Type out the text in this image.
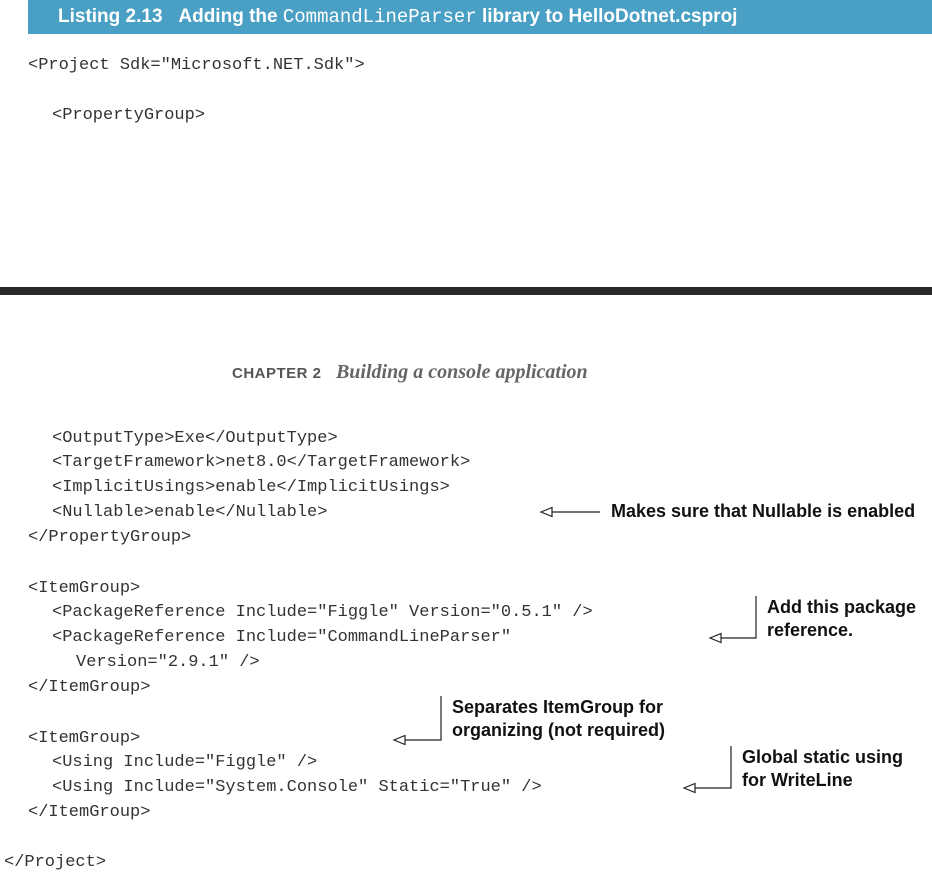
Listing 2.13 Adding the CommandLineParser library to HelloDotnet.csproj
<Project Sdk="Microsoft.NET.Sdk">
<PropertyGroup>
CHAPTER 2 Building a console application
<OutputType>Exe</OutputType>
<TargetFramework>net8.0</TargetFramework>
<ImplicitUsings>enable</ImplicitUsings>
<Nullable>enable</Nullable>
</PropertyGroup>
<ItemGroup>
<PackageReference Include="Figgle" Version="0.5.1" />
<PackageReference Include="CommandLineParser"
Version="2.9.1" />
</ItemGroup>
<ItemGroup>
<Using Include="Figgle" />
<Using Include="System.Console" Static="True" />
</ItemGroup>
</Project>
Makes sure that Nullable is enabled
Add this package
reference.
Separates ItemGroup for
organizing (not required)
Global static using
for WriteLine
